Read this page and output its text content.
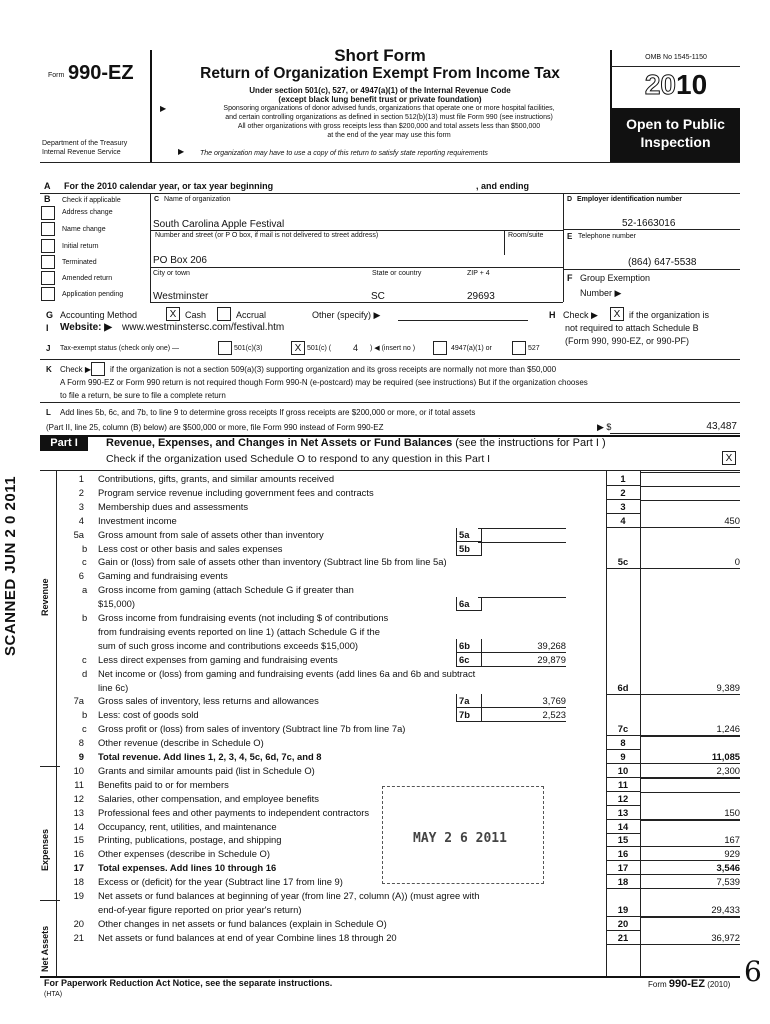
Form 990-EZ
Department of the Treasury
Internal Revenue Service
Short Form
Return of Organization Exempt From Income Tax
Under section 501(c), 527, or 4947(a)(1) of the Internal Revenue Code
(except black lung benefit trust or private foundation)
▶	Sponsoring organizations of donor advised funds, organizations that operate one or more hospital facilities,
and certain controlling organizations as defined in section 512(b)(13) must file Form 990 (see instructions)
All other organizations with gross receipts less than $200,000 and total assets less than $500,000
at the end of the year may use this form
▶ The organization may have to use a copy of this return to satisfy state reporting requirements
OMB No 1545-1150
2010
Open to Public
Inspection
A For the 2010 calendar year, or tax year beginning	, and ending
B Check if applicable
Address change
Name change
Initial return
Terminated
Amended return
Application pending
C Name of organization
South Carolina Apple Festival
Number and street (or P O box, if mail is not delivered to street address)	Room/suite
PO Box 206
City or town	State or country	ZIP + 4
Westminster	SC	29693
D Employer identification number
52-1663016
E Telephone number
(864) 647-5538
F Group Exemption
Number ▶
G Accounting Method	X Cash	Accrual	Other (specify) ▶	H Check ▶	X if the organization is
not required to attach Schedule B
(Form 990, 990-EZ, or 990-PF)
I Website: ▶ www.westminstersc.com/festival.htm
J Tax-exempt status (check only one) —	501(c)(3)	X 501(c) ( 4 ) ◀ (insert no )	4947(a)(1) or	527
K Check ▶ if the organization is not a section 509(a)(3) supporting organization and its gross receipts are normally not more than $50,000
A Form 990-EZ or Form 990 return is not required though Form 990-N (e-postcard) may be required (see instructions) But if the organization chooses
to file a return, be sure to file a complete return
L Add lines 5b, 6c, and 7b, to line 9 to determine gross receipts If gross receipts are $200,000 or more, or if total assets
(Part II, line 25, column (B) below) are $500,000 or more, file Form 990 instead of Form 990-EZ	▶ $	43,487
Part I	Revenue, Expenses, and Changes in Net Assets or Fund Balances (see the instructions for Part I )
Check if the organization used Schedule O to respond to any question in this Part I	X
Revenue
Expenses
Net Assets
1 Contributions, gifts, grants, and similar amounts received	1
2 Program service revenue including government fees and contracts	2
3 Membership dues and assessments	3
4 Investment income	4	450
5a Gross amount from sale of assets other than inventory	5a
b	Less cost or other basis and sales expenses	5b
c	Gain or (loss) from sale of assets other than inventory (Subtract line 5b from line 5a)	5c	0
6 Gaming and fundraising events
a	Gross income from gaming (attach Schedule G if greater than
$15,000)	6a
b	Gross income from fundraising events (not including $ of contributions
from fundraising events reported on line 1) (attach Schedule G if the
sum of such gross income and contributions exceeds $15,000)	6b	39,268
c	Less direct expenses from gaming and fundraising events	6c	29,879
d	Net income or (loss) from gaming and fundraising events (add lines 6a and 6b and subtract
line 6c)	6d	9,389
7a Gross sales of inventory, less returns and allowances	7a	3,769
b	Less: cost of goods sold	7b	2,523
c	Gross profit or (loss) from sales of inventory (Subtract line 7b from line 7a)	7c	1,246
8 Other revenue (describe in Schedule O)	8
9 Total revenue. Add lines 1, 2, 3, 4, 5c, 6d, 7c, and 8	9	11,085
10 Grants and similar amounts paid (list in Schedule O)	10	2,300
11 Benefits paid to or for members	11
12 Salaries, other compensation, and employee benefits	12
13 Professional fees and other payments to independent contractors	13	150
14 Occupancy, rent, utilities, and maintenance	14
15 Printing, publications, postage, and shipping	15	167
16 Other expenses (describe in Schedule O)	16	929
17 Total expenses. Add lines 10 through 16	17	3,546
18 Excess or (deficit) for the year (Subtract line 17 from line 9)	18	7,539
19 Net assets or fund balances at beginning of year (from line 27, column (A)) (must agree with
end-of-year figure reported on prior year's return)	19	29,433
20 Other changes in net assets or fund balances (explain in Schedule O)	20
21 Net assets or fund balances at end of year Combine lines 18 through 20	21	36,972
SCANNED JUN 2 0 2011
MAY 2 6 2011
6
For Paperwork Reduction Act Notice, see the separate instructions.
(HTA)
Form 990-EZ (2010)
